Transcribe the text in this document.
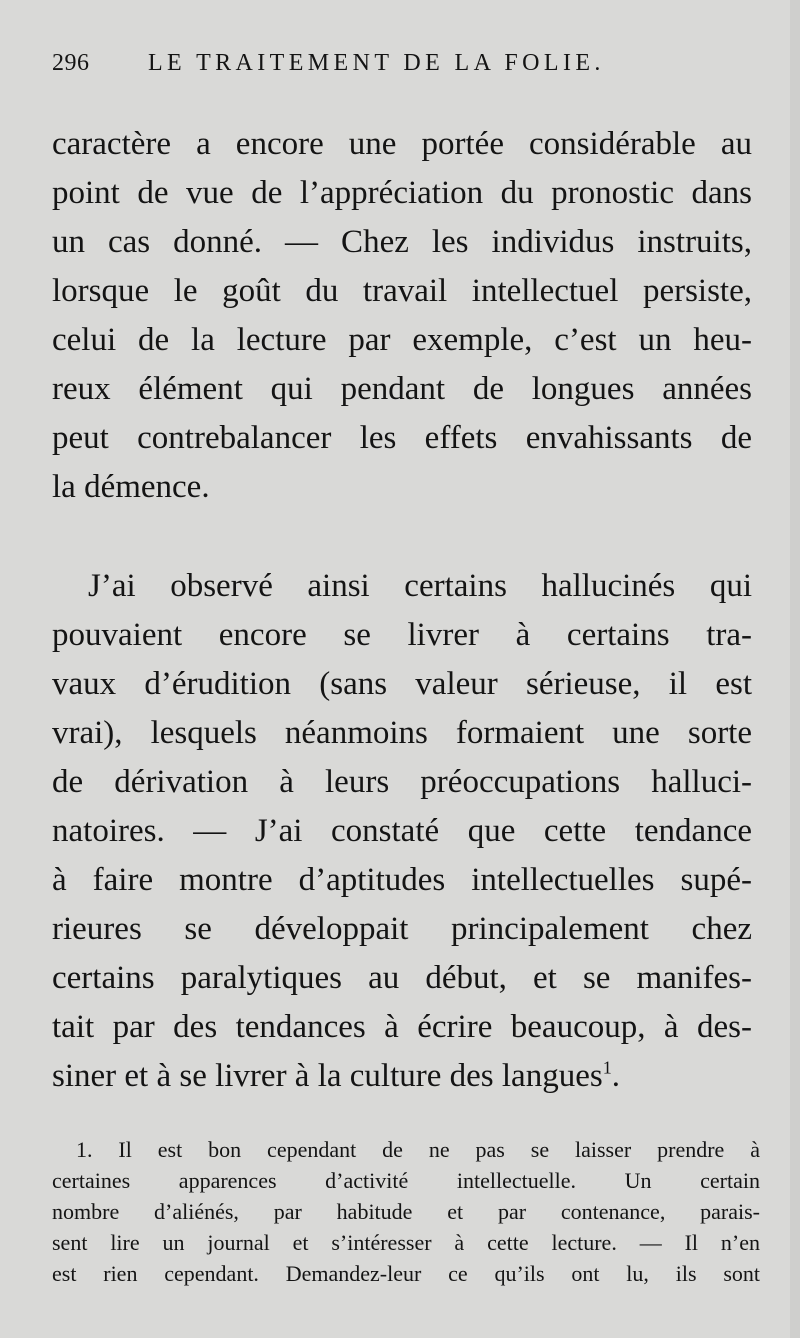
296 LE TRAITEMENT DE LA FOLIE.
caractère a encore une portée considérable au
point de vue de l’appréciation du pronostic dans
un cas donné. — Chez les individus instruits,
lorsque le goût du travail intellectuel persiste,
celui de la lecture par exemple, c’est un heu-
reux élément qui pendant de longues années
peut contrebalancer les effets envahissants de
la démence.
J’ai observé ainsi certains hallucinés qui
pouvaient encore se livrer à certains tra-
vaux d’érudition (sans valeur sérieuse, il est
vrai), lesquels néanmoins formaient une sorte
de dérivation à leurs préoccupations halluci-
natoires. — J’ai constaté que cette tendance
à faire montre d’aptitudes intellectuelles supé-
rieures se développait principalement chez
certains paralytiques au début, et se manifes-
tait par des tendances à écrire beaucoup, à des-
siner et à se livrer à la culture des langues$^1$.
1. Il est bon cependant de ne pas se laisser prendre à
certaines apparences d’activité intellectuelle. Un certain
nombre d’aliénés, par habitude et par contenance, parais-
sent lire un journal et s’intéresser à cette lecture. — Il n’en
est rien cependant. Demandez-leur ce qu’ils ont lu, ils sont
